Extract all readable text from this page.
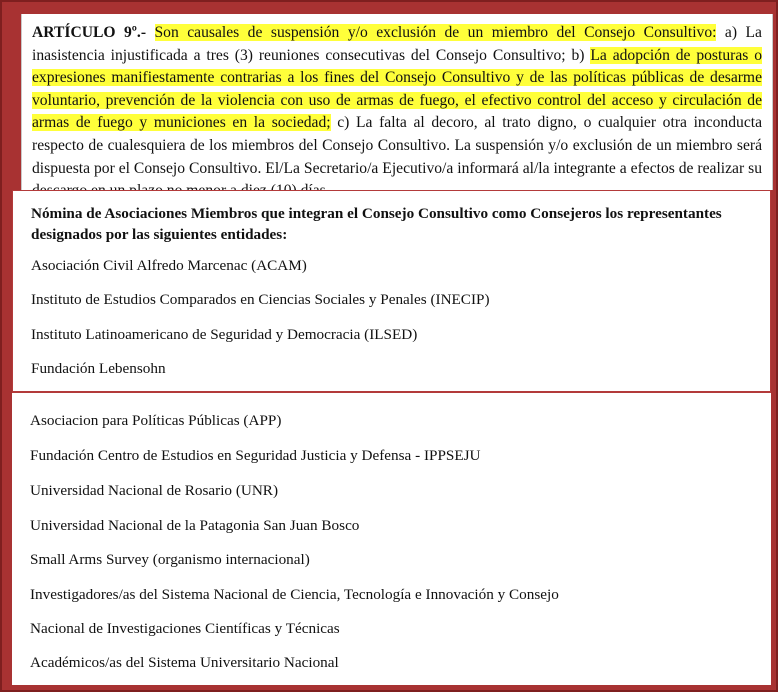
ARTÍCULO 9º.- Son causales de suspensión y/o exclusión de un miembro del Consejo Consultivo: a) La inasistencia injustificada a tres (3) reuniones consecutivas del Consejo Consultivo; b) La adopción de posturas o expresiones manifiestamente contrarias a los fines del Consejo Consultivo y de las políticas públicas de desarme voluntario, prevención de la violencia con uso de armas de fuego, el efectivo control del acceso y circulación de armas de fuego y municiones en la sociedad; c) La falta al decoro, al trato digno, o cualquier otra inconducta respecto de cualesquiera de los miembros del Consejo Consultivo. La suspensión y/o exclusión de un miembro será dispuesta por el Consejo Consultivo. El/La Secretario/a Ejecutivo/a informará al/la integrante a efectos de realizar su
Nómina de Asociaciones Miembros que integran el Consejo Consultivo como Consejeros los representantes designados por las siguientes entidades:
Asociación Civil Alfredo Marcenac (ACAM)
Instituto de Estudios Comparados en Ciencias Sociales y Penales (INECIP)
Instituto Latinoamericano de Seguridad y Democracia (ILSED)
Fundación Lebensohn
Asociacion para Políticas Públicas (APP)
Fundación Centro de Estudios en Seguridad Justicia y Defensa - IPPSEJU
Universidad Nacional de Rosario (UNR)
Universidad Nacional de la Patagonia San Juan Bosco
Small Arms Survey (organismo internacional)
Investigadores/as del Sistema Nacional de Ciencia, Tecnología e Innovación y Consejo
Nacional de Investigaciones Científicas y Técnicas
Académicos/as del Sistema Universitario Nacional
